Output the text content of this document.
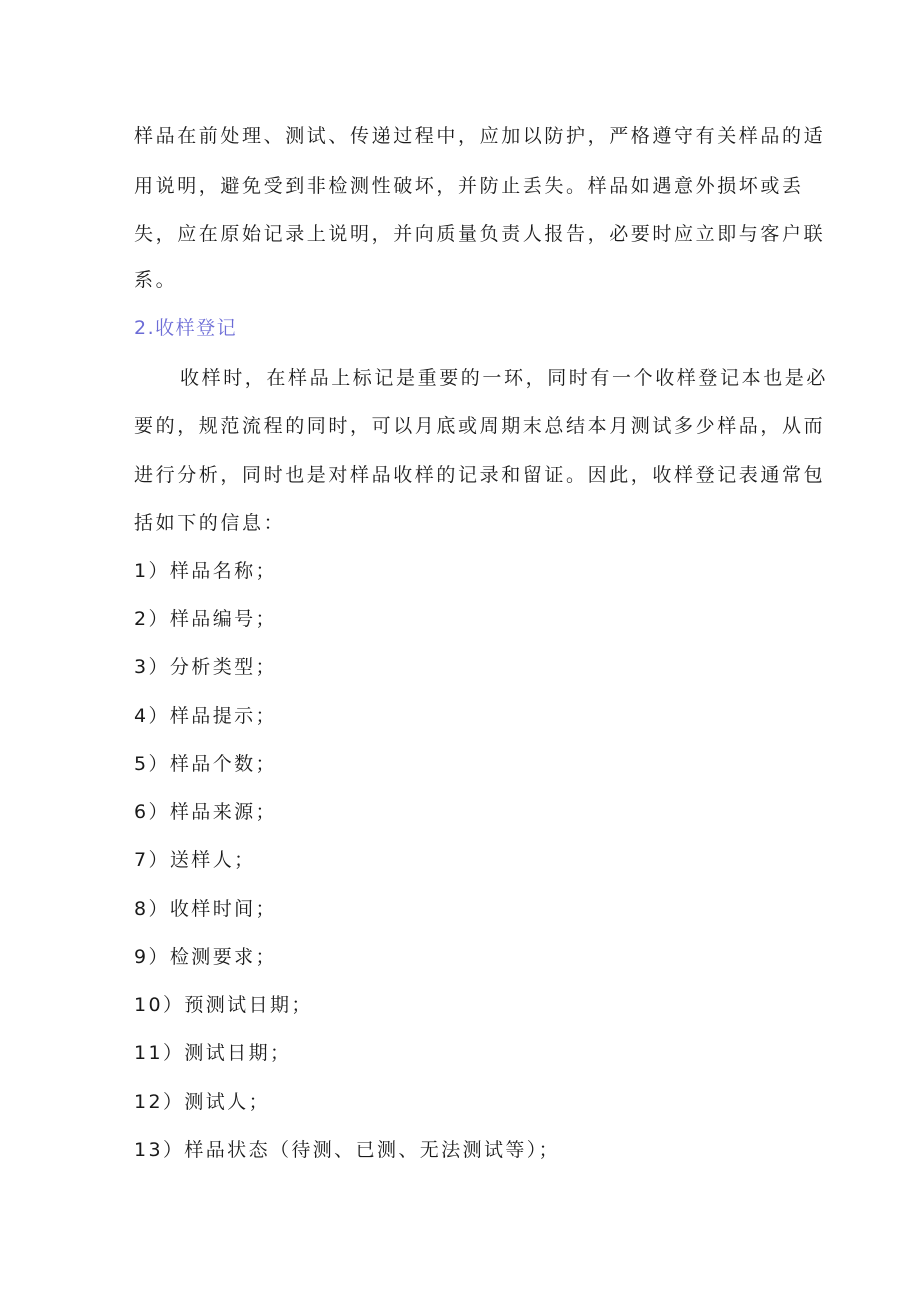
样品在前处理、测试、传递过程中，应加以防护，严格遵守有关样品的适
用说明，避免受到非检测性破坏，并防止丢失。样品如遇意外损坏或丢
失，应在原始记录上说明，并向质量负责人报告，必要时应立即与客户联
系。
2.收样登记
收样时，在样品上标记是重要的一环，同时有一个收样登记本也是必
要的，规范流程的同时，可以月底或周期末总结本月测试多少样品，从而
进行分析，同时也是对样品收样的记录和留证。因此，收样登记表通常包
括如下的信息：
1）样品名称；
2）样品编号；
3）分析类型；
4）样品提示；
5）样品个数；
6）样品来源；
7）送样人；
8）收样时间；
9）检测要求；
10）预测试日期；
11）测试日期；
12）测试人；
13）样品状态（待测、已测、无法测试等）；
